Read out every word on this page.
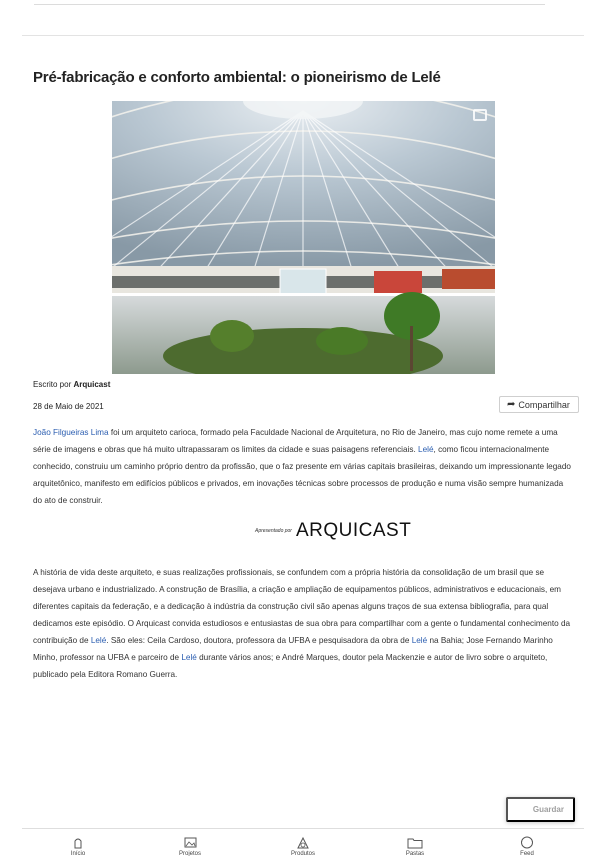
Pré-fabricação e conforto ambiental: o pioneirismo de Lelé
Escrito por Arquicast
28 de Maio de 2021	➦ Compartilhar

João Filgueiras Lima foi um arquiteto carioca, formado pela Faculdade Nacional de Arquitetura, no Rio de Janeiro, mas cujo nome remete a uma série de imagens e obras que há muito ultrapassaram os limites da cidade e suas paisagens referenciais. Lelé, como ficou internacionalmente conhecido, construiu um caminho próprio dentro da profissão, que o faz presente em várias capitais brasileiras, deixando um impressionante legado arquitetônico, manifesto em edifícios públicos e privados, em inovações técnicas sobre processos de produção e numa visão sempre humanizada do ato de construir.

Apresentado por ARQUICAST

A história de vida deste arquiteto, e suas realizações profissionais, se confundem com a própria história da consolidação de um brasil que se desejava urbano e industrializado. A construção de Brasília, a criação e ampliação de equipamentos públicos, administrativos e educacionais, em diferentes capitais da federação, e a dedicação à indústria da construção civil são apenas alguns traços de sua extensa bibliografia, para qual dedicamos este episódio. O Arquicast convida estudiosos e entusiastas de sua obra para compartilhar com a gente o fundamental conhecimento da contribuição de Lelé. São eles: Ceila Cardoso, doutora, professora da UFBA e pesquisadora da obra de Lelé na Bahia; Jose Fernando Marinho Minho, professor na UFBA e parceiro de Lelé durante vários anos; e André Marques, doutor pela Mackenzie e autor de livro sobre o arquiteto, publicado pela Editora Romano Guerra.

Guardar
Início	Projetos	Produtos	Pastas	Feed
